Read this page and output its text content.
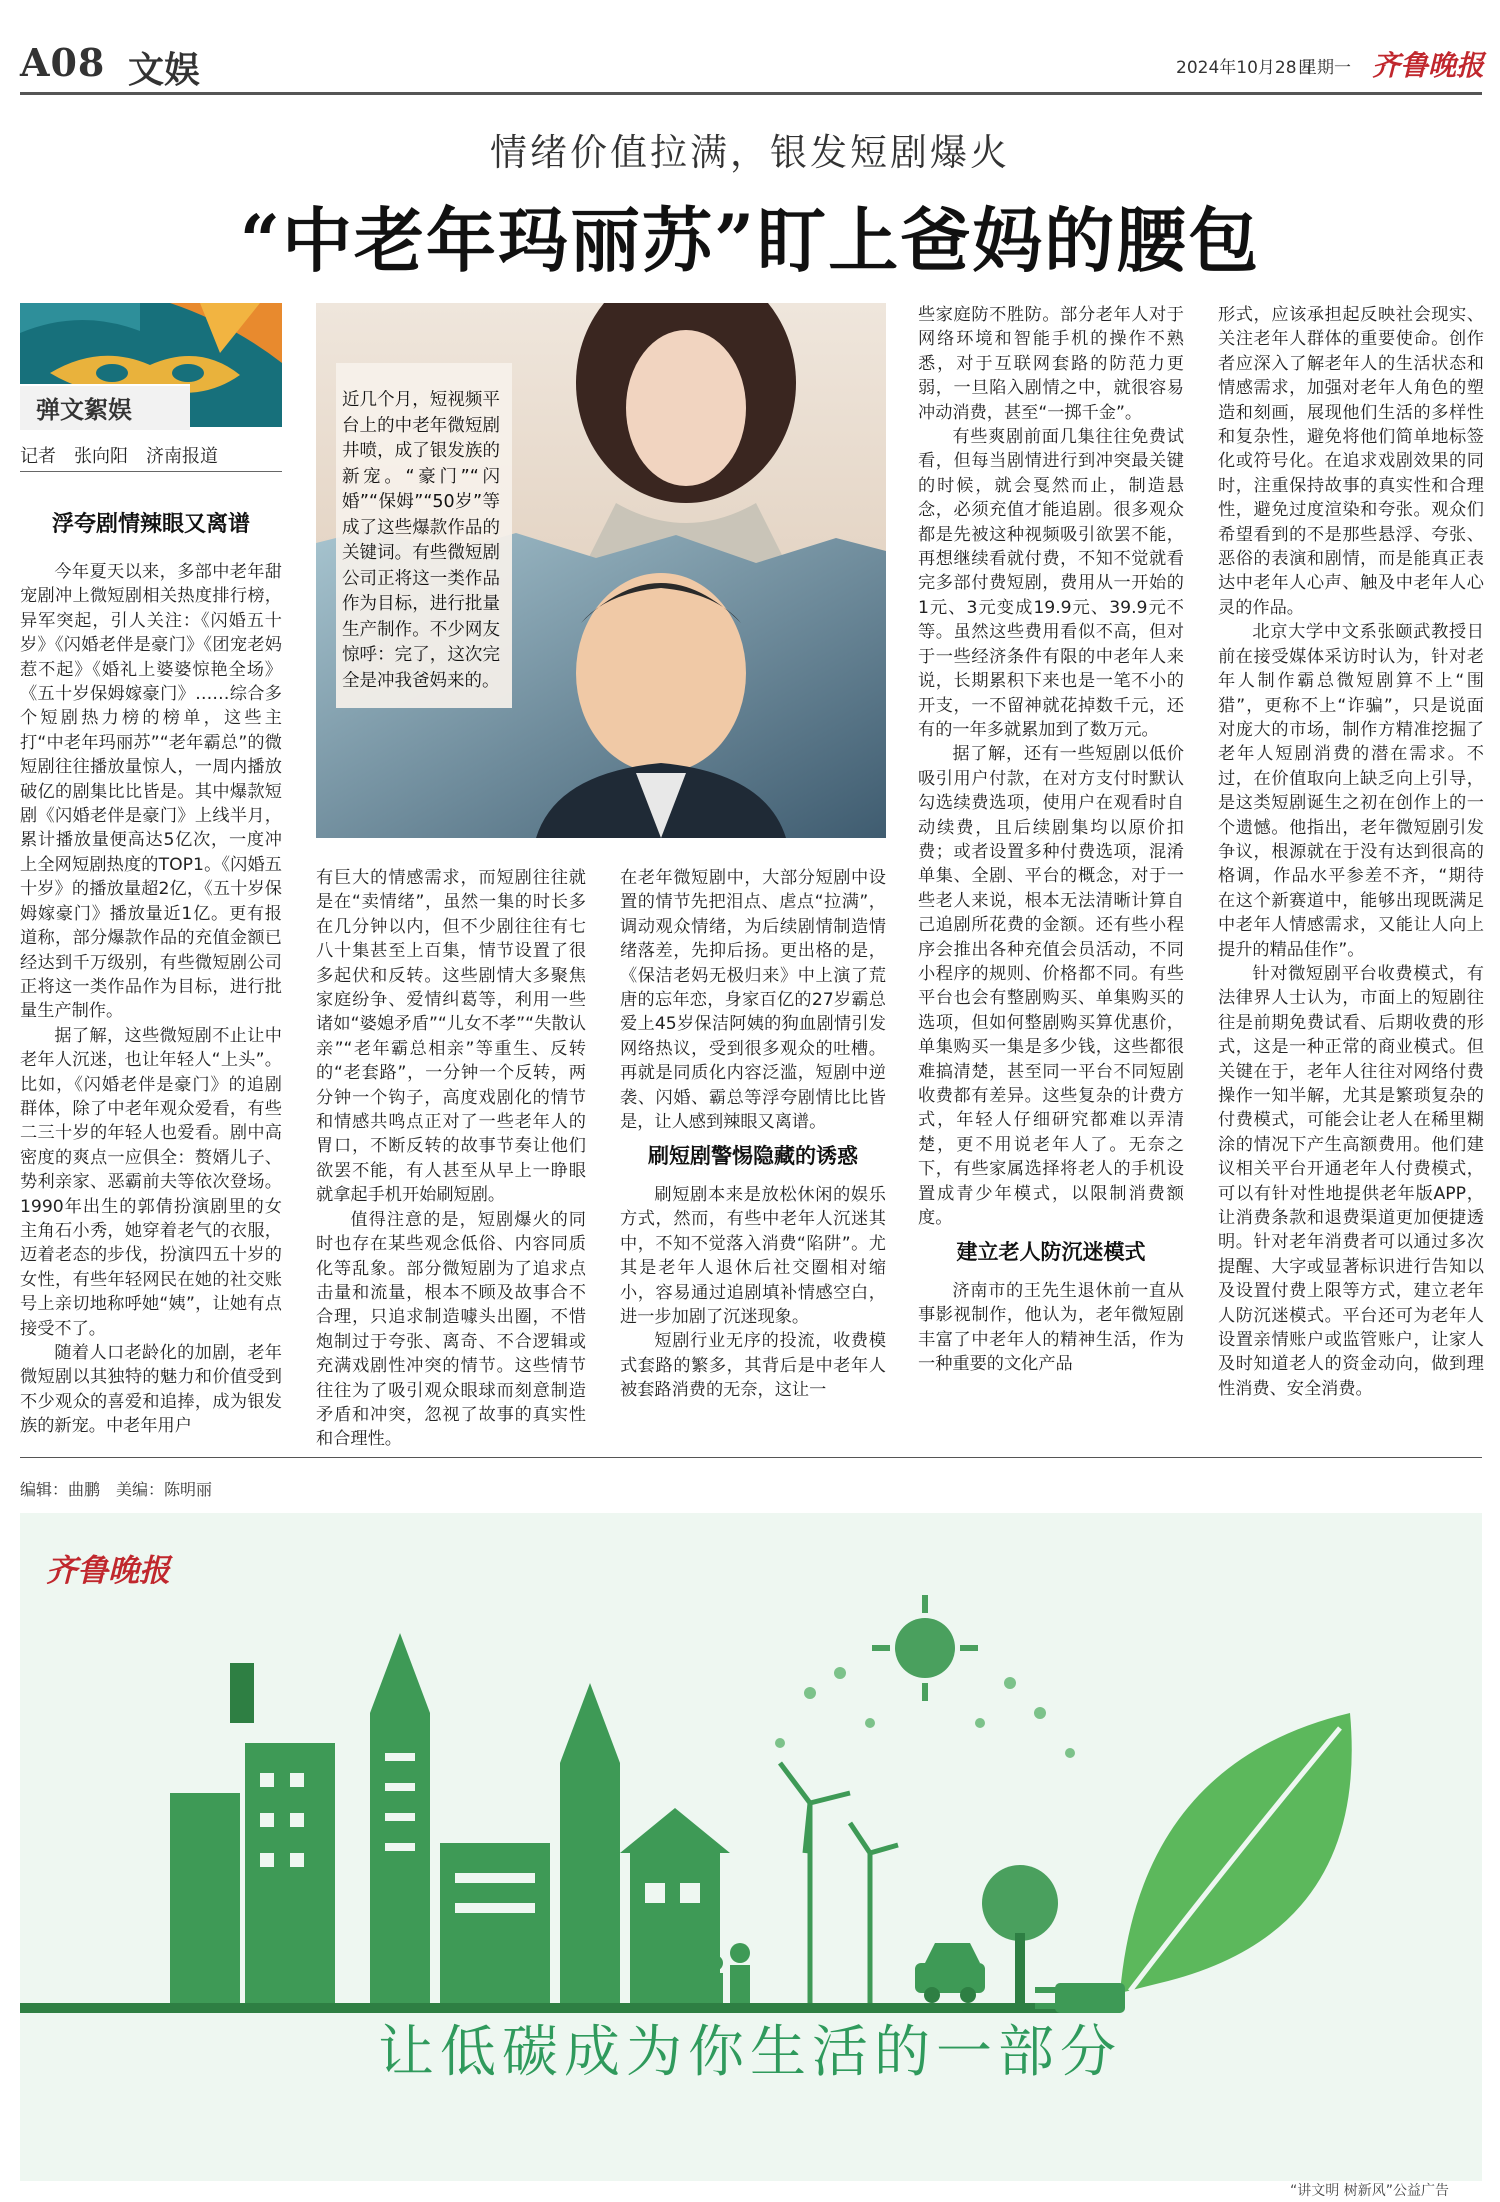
A08 文娱	2024年10月28日
星期一 齐鲁晚报
情绪价值拉满，银发短剧爆火
“中老年玛丽苏”盯上爸妈的腰包
弹文絮娱
记者　张向阳　济南报道
浮夸剧情辣眼又离谱
近几个月，短视频平台上的中老年微短剧井喷，成了银发族的新宠。“豪门”“闪婚”“保姆”“50岁”等成了这些爆款作品的关键词。有些微短剧公司正将这一类作品作为目标，进行批量生产制作。不少网友惊呼：完了，这次完全是冲我爸妈来的。

今年夏天以来，多部中老年甜宠剧冲上微短剧相关热度排行榜，异军突起，引人关注：《闪婚五十岁》《闪婚老伴是豪门》《团宠老妈惹不起》《婚礼上婆婆惊艳全场》《五十岁保姆嫁豪门》……综合多个短剧热力榜的榜单，这些主打“中老年玛丽苏”“老年霸总”的微短剧往往播放量惊人，一周内播放破亿的剧集比比皆是。其中爆款短剧《闪婚老伴是豪门》上线半月，累计播放量便高达5亿次，一度冲上全网短剧热度的TOP1。《闪婚五十岁》的播放量超2亿，《五十岁保姆嫁豪门》播放量近1亿。更有报道称，部分爆款作品的充值金额已经达到千万级别，有些微短剧公司正将这一类作品作为目标，进行批量生产制作。

据了解，这些微短剧不止让中老年人沉迷，也让年轻人“上头”。比如，《闪婚老伴是豪门》的追剧群体，除了中老年观众爱看，有些二三十岁的年轻人也爱看。剧中高密度的爽点一应俱全：赘婿儿子、势利亲家、恶霸前夫等依次登场。1990年出生的郭倩扮演剧里的女主角石小秀，她穿着老气的衣服，迈着老态的步伐，扮演四五十岁的女性，有些年轻网民在她的社交账号上亲切地称呼她“姨”，让她有点接受不了。

随着人口老龄化的加剧，老年微短剧以其独特的魅力和价值受到不少观众的喜爱和追捧，成为银发族的新宠。中老年用户

有巨大的情感需求，而短剧往往就是在“卖情绪”，虽然一集的时长多在几分钟以内，但不少剧往往有七八十集甚至上百集，情节设置了很多起伏和反转。这些剧情大多聚焦家庭纷争、爱情纠葛等，利用一些诸如“婆媳矛盾”“儿女不孝”“失散认亲”“老年霸总相亲”等重生、反转的“老套路”，一分钟一个反转，两分钟一个钩子，高度戏剧化的情节和情感共鸣点正对了一些老年人的胃口，不断反转的故事节奏让他们欲罢不能，有人甚至从早上一睁眼就拿起手机开始刷短剧。

值得注意的是，短剧爆火的同时也存在某些观念低俗、内容同质化等乱象。部分微短剧为了追求点击量和流量，根本不顾及故事合不合理，只追求制造噱头出圈，不惜炮制过于夸张、离奇、不合逻辑或充满戏剧性冲突的情节。这些情节往往为了吸引观众眼球而刻意制造矛盾和冲突，忽视了故事的真实性和合理性。

在老年微短剧中，大部分短剧中设置的情节先把泪点、虐点“拉满”，调动观众情绪，为后续剧情制造情绪落差，先抑后扬。更出格的是，《保洁老妈无极归来》中上演了荒唐的忘年恋，身家百亿的27岁霸总爱上45岁保洁阿姨的狗血剧情引发网络热议，受到很多观众的吐槽。再就是同质化内容泛滥，短剧中逆袭、闪婚、霸总等浮夸剧情比比皆是，让人感到辣眼又离谱。

刷短剧警惕隐藏的诱惑

刷短剧本来是放松休闲的娱乐方式，然而，有些中老年人沉迷其中，不知不觉落入消费“陷阱”。尤其是老年人退休后社交圈相对缩小，容易通过追剧填补情感空白，进一步加剧了沉迷现象。

短剧行业无序的投流，收费模式套路的繁多，其背后是中老年人被套路消费的无奈，这让一

些家庭防不胜防。部分老年人对于网络环境和智能手机的操作不熟悉，对于互联网套路的防范力更弱，一旦陷入剧情之中，就很容易冲动消费，甚至“一掷千金”。

有些爽剧前面几集往往免费试看，但每当剧情进行到冲突最关键的时候，就会戛然而止，制造悬念，必须充值才能追剧。很多观众都是先被这种视频吸引欲罢不能，再想继续看就付费，不知不觉就看完多部付费短剧，费用从一开始的1元、3元变成19.9元、39.9元不等。虽然这些费用看似不高，但对于一些经济条件有限的中老年人来说，长期累积下来也是一笔不小的开支，一不留神就花掉数千元，还有的一年多就累加到了数万元。

据了解，还有一些短剧以低价吸引用户付款，在对方支付时默认勾选续费选项，使用户在观看时自动续费，且后续剧集均以原价扣费；或者设置多种付费选项，混淆单集、全剧、平台的概念，对于一些老人来说，根本无法清晰计算自己追剧所花费的金额。还有些小程序会推出各种充值会员活动，不同小程序的规则、价格都不同。有些平台也会有整剧购买、单集购买的选项，但如何整剧购买算优惠价，单集购买一集是多少钱，这些都很难搞清楚，甚至同一平台不同短剧收费都有差异。这些复杂的计费方式，年轻人仔细研究都难以弄清楚，更不用说老年人了。无奈之下，有些家属选择将老人的手机设置成青少年模式，以限制消费额度。

建立老人防沉迷模式

济南市的王先生退休前一直从事影视制作，他认为，老年微短剧丰富了中老年人的精神生活，作为一种重要的文化产品

形式，应该承担起反映社会现实、关注老年人群体的重要使命。创作者应深入了解老年人的生活状态和情感需求，加强对老年人角色的塑造和刻画，展现他们生活的多样性和复杂性，避免将他们简单地标签化或符号化。在追求戏剧效果的同时，注重保持故事的真实性和合理性，避免过度渲染和夸张。观众们希望看到的不是那些悬浮、夸张、恶俗的表演和剧情，而是能真正表达中老年人心声、触及中老年人心灵的作品。

北京大学中文系张颐武教授日前在接受媒体采访时认为，针对老年人制作霸总微短剧算不上“围猎”，更称不上“诈骗”，只是说面对庞大的市场，制作方精准挖掘了老年人短剧消费的潜在需求。不过，在价值取向上缺乏向上引导，是这类短剧诞生之初在创作上的一个遗憾。他指出，老年微短剧引发争议，根源就在于没有达到很高的格调，作品水平参差不齐，“期待在这个新赛道中，能够出现既满足中老年人情感需求，又能让人向上提升的精品佳作”。

针对微短剧平台收费模式，有法律界人士认为，市面上的短剧往往是前期免费试看、后期收费的形式，这是一种正常的商业模式。但关键在于，老年人往往对网络付费操作一知半解，尤其是繁琐复杂的付费模式，可能会让老人在稀里糊涂的情况下产生高额费用。他们建议相关平台开通老年人付费模式，可以有针对性地提供老年版APP，让消费条款和退费渠道更加便捷透明。针对老年消费者可以通过多次提醒、大字或显著标识进行告知以及设置付费上限等方式，建立老年人防沉迷模式。平台还可为老年人设置亲情账户或监管账户，让家人及时知道老人的资金动向，做到理性消费、安全消费。

编辑：曲鹏　美编：陈明丽
齐鲁晚报
让低碳成为你生活的一部分
“讲文明 树新风”公益广告
